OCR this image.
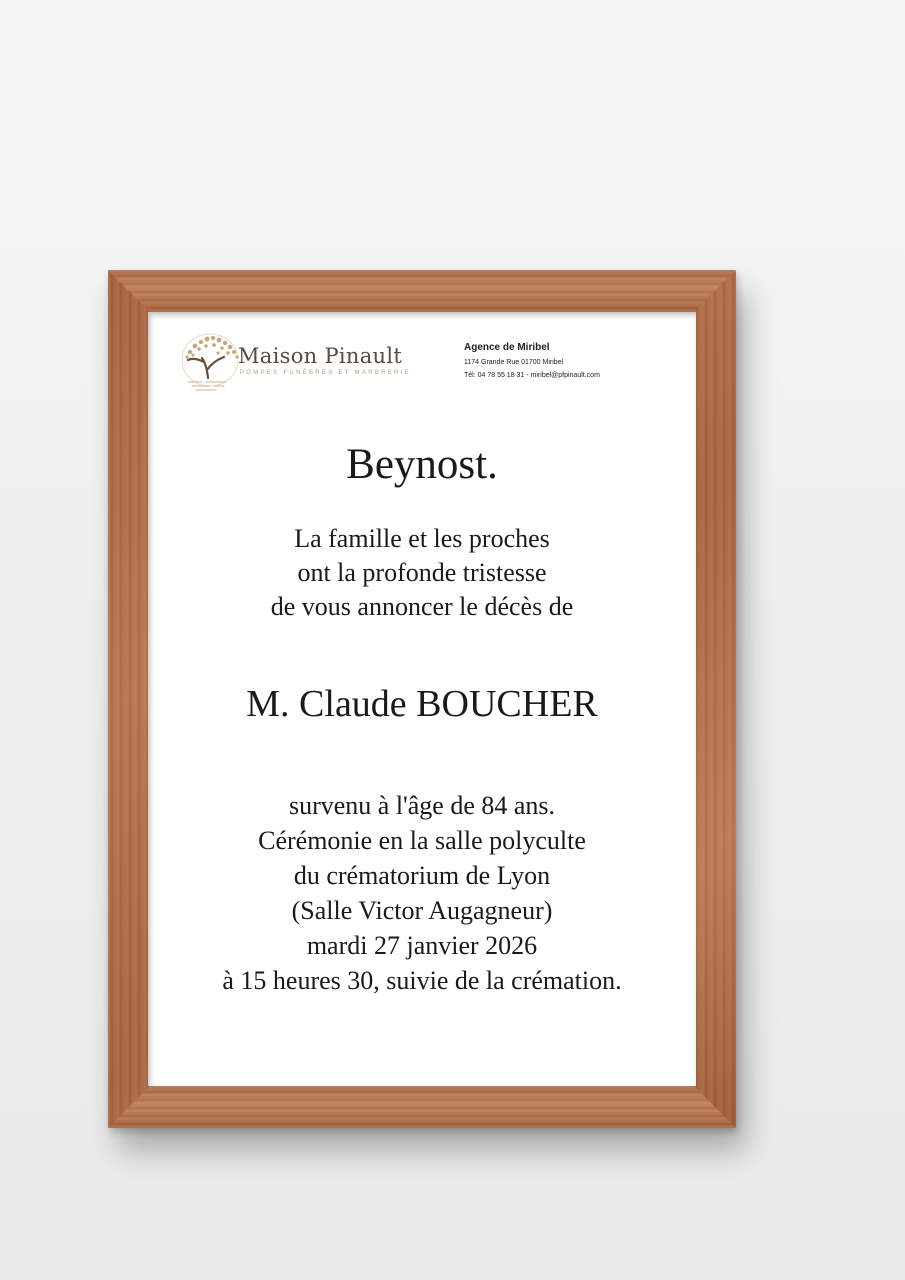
Maison Pinault
POMPES FUNÈBRES ET MARBRERIE
Agence de Miribel
1174 Grande Rue 01700 Miribel
Tél: 04 78 55 18 31 - miribel@pfpinault.com
Beynost.
La famille et les proches
ont la profonde tristesse
de vous annoncer le décès de
M. Claude BOUCHER
survenu à l'âge de 84 ans.
Cérémonie en la salle polyculte
du crématorium de Lyon
(Salle Victor Augagneur)
mardi 27 janvier 2026
à 15 heures 30, suivie de la crémation.
